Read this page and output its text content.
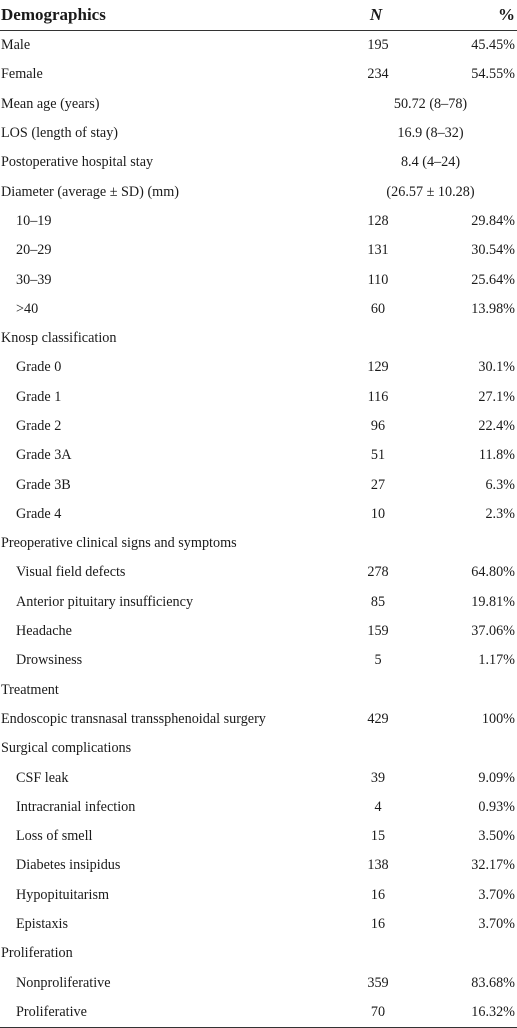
Demographics	N	%
Male	195	45.45%
Female	234	54.55%
Mean age (years)	50.72 (8–78)	
LOS (length of stay)	16.9 (8–32)	
Postoperative hospital stay	8.4 (4–24)	
Diameter (average ± SD) (mm)	(26.57 ± 10.28)	
10–19	128	29.84%
20–29	131	30.54%
30–39	110	25.64%
>40	60	13.98%
Knosp classification		
Grade 0	129	30.1%
Grade 1	116	27.1%
Grade 2	96	22.4%
Grade 3A	51	11.8%
Grade 3B	27	6.3%
Grade 4	10	2.3%
Preoperative clinical signs and symptoms		
Visual field defects	278	64.80%
Anterior pituitary insufficiency	85	19.81%
Headache	159	37.06%
Drowsiness	5	1.17%
Treatment		
Endoscopic transnasal transsphenoidal surgery	429	100%
Surgical complications		
CSF leak	39	9.09%
Intracranial infection	4	0.93%
Loss of smell	15	3.50%
Diabetes insipidus	138	32.17%
Hypopituitarism	16	3.70%
Epistaxis	16	3.70%
Proliferation		
Nonproliferative	359	83.68%
Proliferative	70	16.32%
